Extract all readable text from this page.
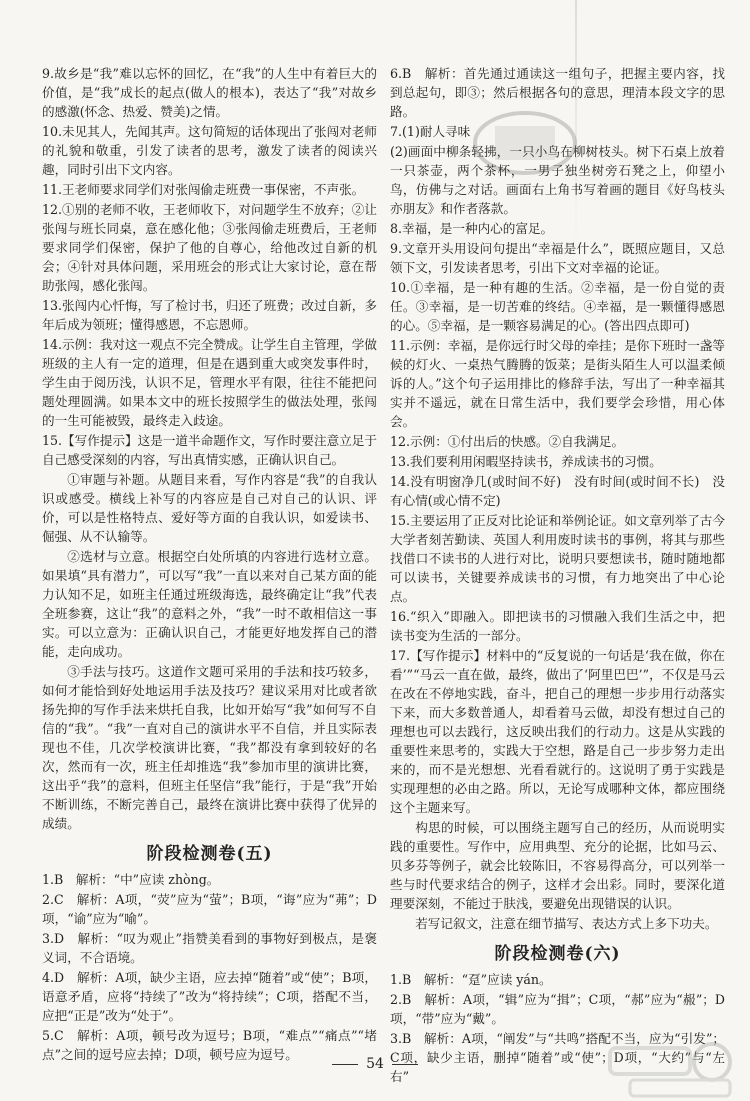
9.故乡是“我”难以忘怀的回忆，在“我”的人生中有着巨大的价值，是“我”成长的起点(做人的根本)，表达了“我”对故乡的感激(怀念、热爱、赞美)之情。

10.未见其人，先闻其声。这句简短的话体现出了张闯对老师的礼貌和敬重，引发了读者的思考，激发了读者的阅读兴趣，同时引出下文内容。

11.王老师要求同学们对张闯偷走班费一事保密，不声张。

12.①别的老师不收，王老师收下，对问题学生不放弃；②让张闯与班长同桌，意在感化他；③张闯偷走班费后，王老师要求同学们保密，保护了他的自尊心，给他改过自新的机会；④针对具体问题，采用班会的形式让大家讨论，意在帮助张闯，感化张闯。

13.张闯内心忏悔，写了检讨书，归还了班费；改过自新，多年后成为领班；懂得感恩，不忘恩师。

14.示例：我对这一观点不完全赞成。让学生自主管理，学做班级的主人有一定的道理，但是在遇到重大或突发事件时，学生由于阅历浅，认识不足，管理水平有限，往往不能把问题处理圆满。如果本文中的班长按照学生的做法处理，张闯的一生可能被毁，最终走入歧途。

15.【写作提示】这是一道半命题作文，写作时要注意立足于自己感受深刻的内容，写出真情实感，正确认识自己。

①审题与补题。从题目来看，写作内容是“我”的自我认识或感受。横线上补写的内容应是自己对自己的认识、评价，可以是性格特点、爱好等方面的自我认识，如爱读书、倔强、从不认输等。

②选材与立意。根据空白处所填的内容进行选材立意。如果填“具有潜力”，可以写“我”一直以来对自己某方面的能力认知不足，如班主任通过班级海选，最终确定让“我”代表全班参赛，这让“我”的意料之外，“我”一时不敢相信这一事实。可以立意为：正确认识自己，才能更好地发挥自己的潜能，走向成功。

③手法与技巧。这道作文题可采用的手法和技巧较多，如何才能恰到好处地运用手法及技巧？建议采用对比或者欲扬先抑的写作手法来烘托自我，比如开始写“我”如何写不自信的“我”。“我”一直对自己的演讲水平不自信，并且实际表现也不佳，几次学校演讲比赛，“我”都没有拿到较好的名次，然而有一次，班主任却推选“我”参加市里的演讲比赛，这出乎“我”的意料，但班主任坚信“我”能行，于是“我”开始不断训练，不断完善自己，最终在演讲比赛中获得了优异的成绩。

阶段检测卷(五)

1.B　解析：“中”应读 zhòng。

2.C　解析：A项，“荧”应为“萤”；B项，“诲”应为“茀”；D项，“谕”应为“喻”。

3.D　解析：“叹为观止”指赞美看到的事物好到极点，是褒义词，不合语境。

4.D　解析：A项，缺少主语，应去掉“随着”或“使”；B项，语意矛盾，应将“持续了”改为“将持续”；C项，搭配不当，应把“正是”改为“处于”。

5.C　解析：A项，顿号改为逗号；B项，“难点”“痛点”“堵点”之间的逗号应去掉；D项，顿号应为逗号。

6.B　解析：首先通过通读这一组句子，把握主要内容，找到总起句，即③；然后根据各句的意思，理清本段文字的思路。

7.(1)耐人寻味

(2)画面中柳条轻拂，一只小鸟在柳树枝头。树下石桌上放着一只茶壶，两个茶杯，一男子独坐树旁石凳之上，仰望小鸟，仿佛与之对话。画面右上角书写着画的题目《好鸟枝头亦朋友》和作者落款。

8.幸福，是一种内心的富足。

9.文章开头用设问句提出“幸福是什么”，既照应题目，又总领下文，引发读者思考，引出下文对幸福的论证。

10.①幸福，是一种有趣的生活。②幸福，是一份自觉的责任。③幸福，是一切苦难的终结。④幸福，是一颗懂得感恩的心。⑤幸福，是一颗容易满足的心。(答出四点即可)

11.示例：幸福，是你远行时父母的牵挂；是你下班时一盏等候的灯火、一桌热气腾腾的饭菜；是街头陌生人可以温柔倾诉的人。”这个句子运用排比的修辞手法，写出了一种幸福其实并不遥远，就在日常生活中，我们要学会珍惜，用心体会。

12.示例：①付出后的快感。②自我满足。

13.我们要利用闲暇坚持读书，养成读书的习惯。

14.没有明窗净几(或时间不好)　没有时间(或时间不长)　没有心情(或心情不定)

15.主要运用了正反对比论证和举例论证。如文章列举了古今大学者刻苦勤读、英国人利用废时读书的事例，将其与那些找借口不读书的人进行对比，说明只要想读书，随时随地都可以读书，关键要养成读书的习惯，有力地突出了中心论点。

16.“织入”即融入。即把读书的习惯融入我们生活之中，把读书变为生活的一部分。

17.【写作提示】材料中的“反复说的一句话是‘我在做，你在看’”“马云一直在做，最终，做出了‘阿里巴巴’”，不仅是马云在改在不停地实践，奋斗，把自己的理想一步步用行动落实下来，而大多数普通人，却看着马云做，却没有想过自己的理想也可以去践行，这反映出我们的行动力。这是从实践的重要性来思考的，实践大于空想，路是自己一步步努力走出来的，而不是光想想、光看看就行的。这说明了勇于实践是实现理想的必由之路。所以，无论写成哪种文体，都应围绕这个主题来写。

构思的时候，可以围绕主题写自己的经历，从而说明实践的重要性。写作中，应用典型、充分的论据，比如马云、贝多芬等例子，就会比较陈旧，不容易得高分，可以列举一些与时代要求结合的例子，这样才会出彩。同时，要深化道理要深刻，不能过于肤浅，要避免出现错误的认识。

若写记叙文，注意在细节描写、表达方式上多下功夫。

阶段检测卷(六)

1.B　解析：“趸”应读 yán。

2.B　解析：A项，“辑”应为“揖”；C项，“郝”应为“赧”；D项，“带”应为“戴”。

3.B　解析：A项，“阐发”与“共鸣”搭配不当，应为“引发”；C项，缺少主语，删掉“随着”或“使”；D项，“大约”与“左右”

54
